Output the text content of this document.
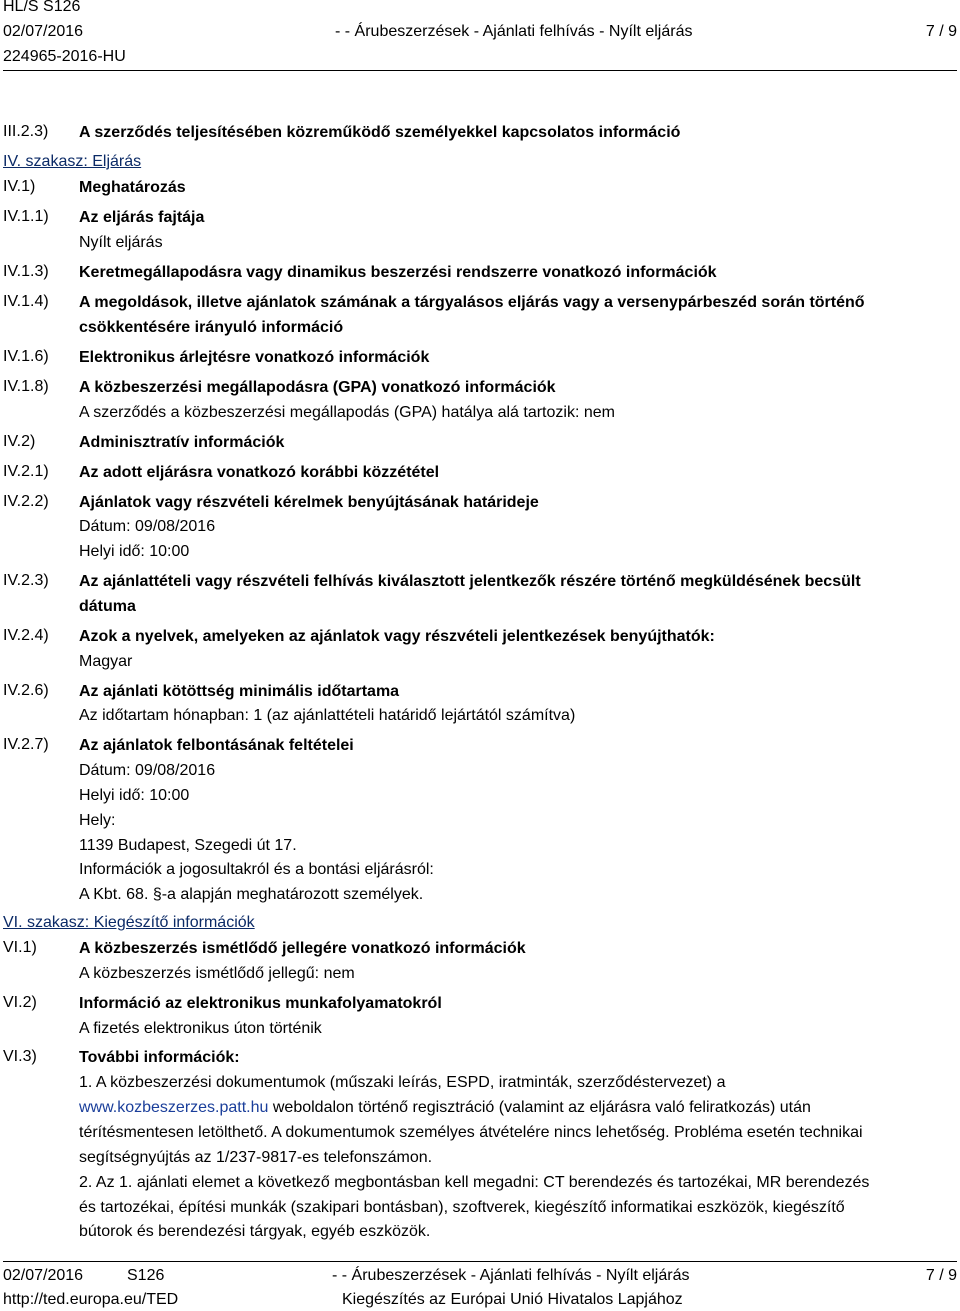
HL/S S126
02/07/2016
224965-2016-HU
- - Árubeszerzések - Ajánlati felhívás - Nyílt eljárás	7 / 9
III.2.3) A szerződés teljesítésében közreműködő személyekkel kapcsolatos információ
IV. szakasz: Eljárás
IV.1)	Meghatározás
IV.1.1) Az eljárás fajtája
Nyílt eljárás
IV.1.3) Keretmegállapodásra vagy dinamikus beszerzési rendszerre vonatkozó információk
IV.1.4) A megoldások, illetve ajánlatok számának a tárgyalásos eljárás vagy a versenypárbeszéd során történő
csökkentésére irányuló információ
IV.1.6) Elektronikus árlejtésre vonatkozó információk
IV.1.8) A közbeszerzési megállapodásra (GPA) vonatkozó információk
A szerződés a közbeszerzési megállapodás (GPA) hatálya alá tartozik: nem
IV.2)	Adminisztratív információk
IV.2.1) Az adott eljárásra vonatkozó korábbi közzététel
IV.2.2) Ajánlatok vagy részvételi kérelmek benyújtásának határideje
Dátum: 09/08/2016
Helyi idő: 10:00
IV.2.3) Az ajánlattételi vagy részvételi felhívás kiválasztott jelentkezők részére történő megküldésének becsült
dátuma
IV.2.4) Azok a nyelvek, amelyeken az ajánlatok vagy részvételi jelentkezések benyújthatók:
Magyar
IV.2.6) Az ajánlati kötöttség minimális időtartama
Az időtartam hónapban: 1 (az ajánlattételi határidő lejártától számítva)
IV.2.7) Az ajánlatok felbontásának feltételei
Dátum: 09/08/2016
Helyi idő: 10:00
Hely:
1139 Budapest, Szegedi út 17.
Információk a jogosultakról és a bontási eljárásról:
A Kbt. 68. §-a alapján meghatározott személyek.
VI. szakasz: Kiegészítő információk
VI.1)	A közbeszerzés ismétlődő jellegére vonatkozó információk
A közbeszerzés ismétlődő jellegű: nem
VI.2)	Információ az elektronikus munkafolyamatokról
A fizetés elektronikus úton történik
VI.3)	További információk:
1. A közbeszerzési dokumentumok (műszaki leírás, ESPD, iratminták, szerződéstervezet) a
www.kozbeszerzes.patt.hu weboldalon történő regisztráció (valamint az eljárásra való feliratkozás) után
térítésmentesen letölthető. A dokumentumok személyes átvételére nincs lehetőség. Probléma esetén technikai
segítségnyújtás az 1/237-9817-es telefonszámon.
2. Az 1. ajánlati elemet a következő megbontásban kell megadni: CT berendezés és tartozékai, MR berendezés
és tartozékai, építési munkák (szakipari bontásban), szoftverek, kiegészítő informatikai eszközök, kiegészítő
bútorok és berendezési tárgyak, egyéb eszközök.
02/07/2016	S126
http://ted.europa.eu/TED
- - Árubeszerzések - Ajánlati felhívás - Nyílt eljárás
Kiegészítés az Európai Unió Hivatalos Lapjához
7 / 9
